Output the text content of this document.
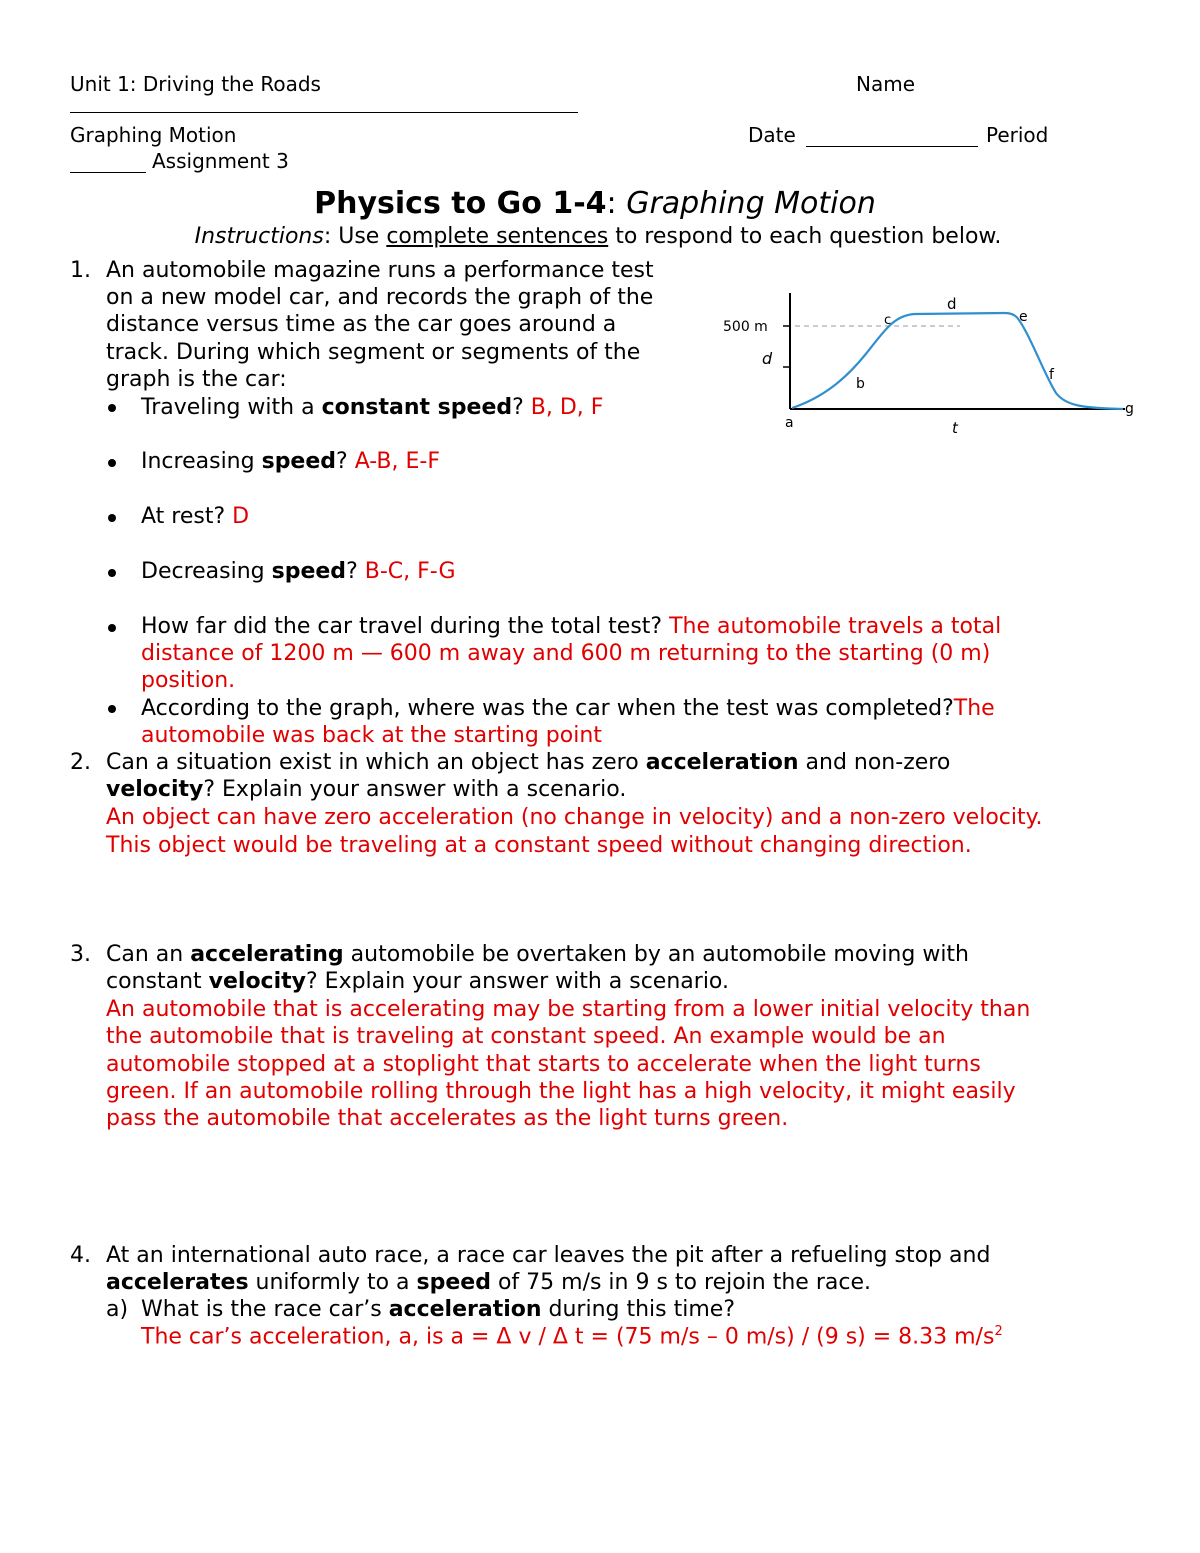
Unit 1: Driving the Roads	Name
Graphing Motion	Date	Period
Assignment 3
Physics to Go 1-4: Graphing Motion
Instructions: Use complete sentences to respond to each question below.
1. An automobile magazine runs a performance test
on a new model car, and records the graph of the
distance versus time as the car goes around a
track. During which segment or segments of the
graph is the car:
Traveling with a constant speed? B, D, F
Increasing speed? A-B, E-F
At rest? D
Decreasing speed? B-C, F-G
How far did the car travel during the total test? The automobile travels a total
distance of 1200 m — 600 m away and 600 m returning to the starting (0 m)
position.
According to the graph, where was the car when the test was completed?The
automobile was back at the starting point
500 m
d
t
a
b
c
d
e
f
g
2. Can a situation exist in which an object has zero acceleration and non-zero
velocity? Explain your answer with a scenario.
An object can have zero acceleration (no change in velocity) and a non-zero velocity.
This object would be traveling at a constant speed without changing direction.
3. Can an accelerating automobile be overtaken by an automobile moving with
constant velocity? Explain your answer with a scenario.
An automobile that is accelerating may be starting from a lower initial velocity than
the automobile that is traveling at constant speed. An example would be an
automobile stopped at a stoplight that starts to accelerate when the light turns
green. If an automobile rolling through the light has a high velocity, it might easily
pass the automobile that accelerates as the light turns green.
4. At an international auto race, a race car leaves the pit after a refueling stop and
accelerates uniformly to a speed of 75 m/s in 9 s to rejoin the race.
a) What is the race car’s acceleration during this time?
The car’s acceleration, a, is a = Δ v / Δ t = (75 m/s – 0 m/s) / (9 s) = 8.33 $m/s^2$
